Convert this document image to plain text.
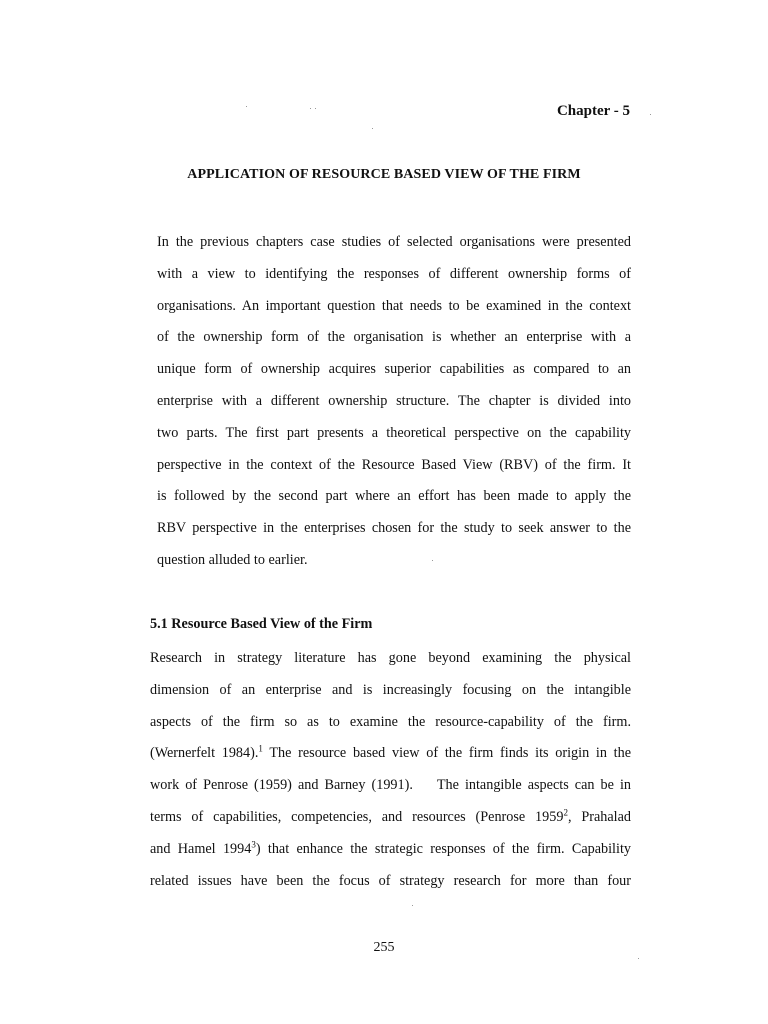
Chapter - 5
APPLICATION OF RESOURCE BASED VIEW OF THE FIRM
In the previous chapters case studies of selected organisations were presented
with a view to identifying the responses of different ownership forms of
organisations. An important question that needs to be examined in the context
of the ownership form of the organisation is whether an enterprise with a
unique form of ownership acquires superior capabilities as compared to an
enterprise with a different ownership structure. The chapter is divided into
two parts. The first part presents a theoretical perspective on the capability
perspective in the context of the Resource Based View (RBV) of the firm. It
is followed by the second part where an effort has been made to apply the
RBV perspective in the enterprises chosen for the study to seek answer to the
question alluded to earlier.
5.1 Resource Based View of the Firm
Research in strategy literature has gone beyond examining the physical
dimension of an enterprise and is increasingly focusing on the intangible
aspects of the firm so as to examine the resource-capability of the firm.
(Wernerfelt 1984).$^1$ The resource based view of the firm finds its origin in the
work of Penrose (1959) and Barney (1991).    The intangible aspects can be in
terms of capabilities, competencies, and resources (Penrose 1959$^2$, Prahalad
and Hamel 1994$^3$) that enhance the strategic responses of the firm. Capability
related issues have been the focus of strategy research for more than four
255
